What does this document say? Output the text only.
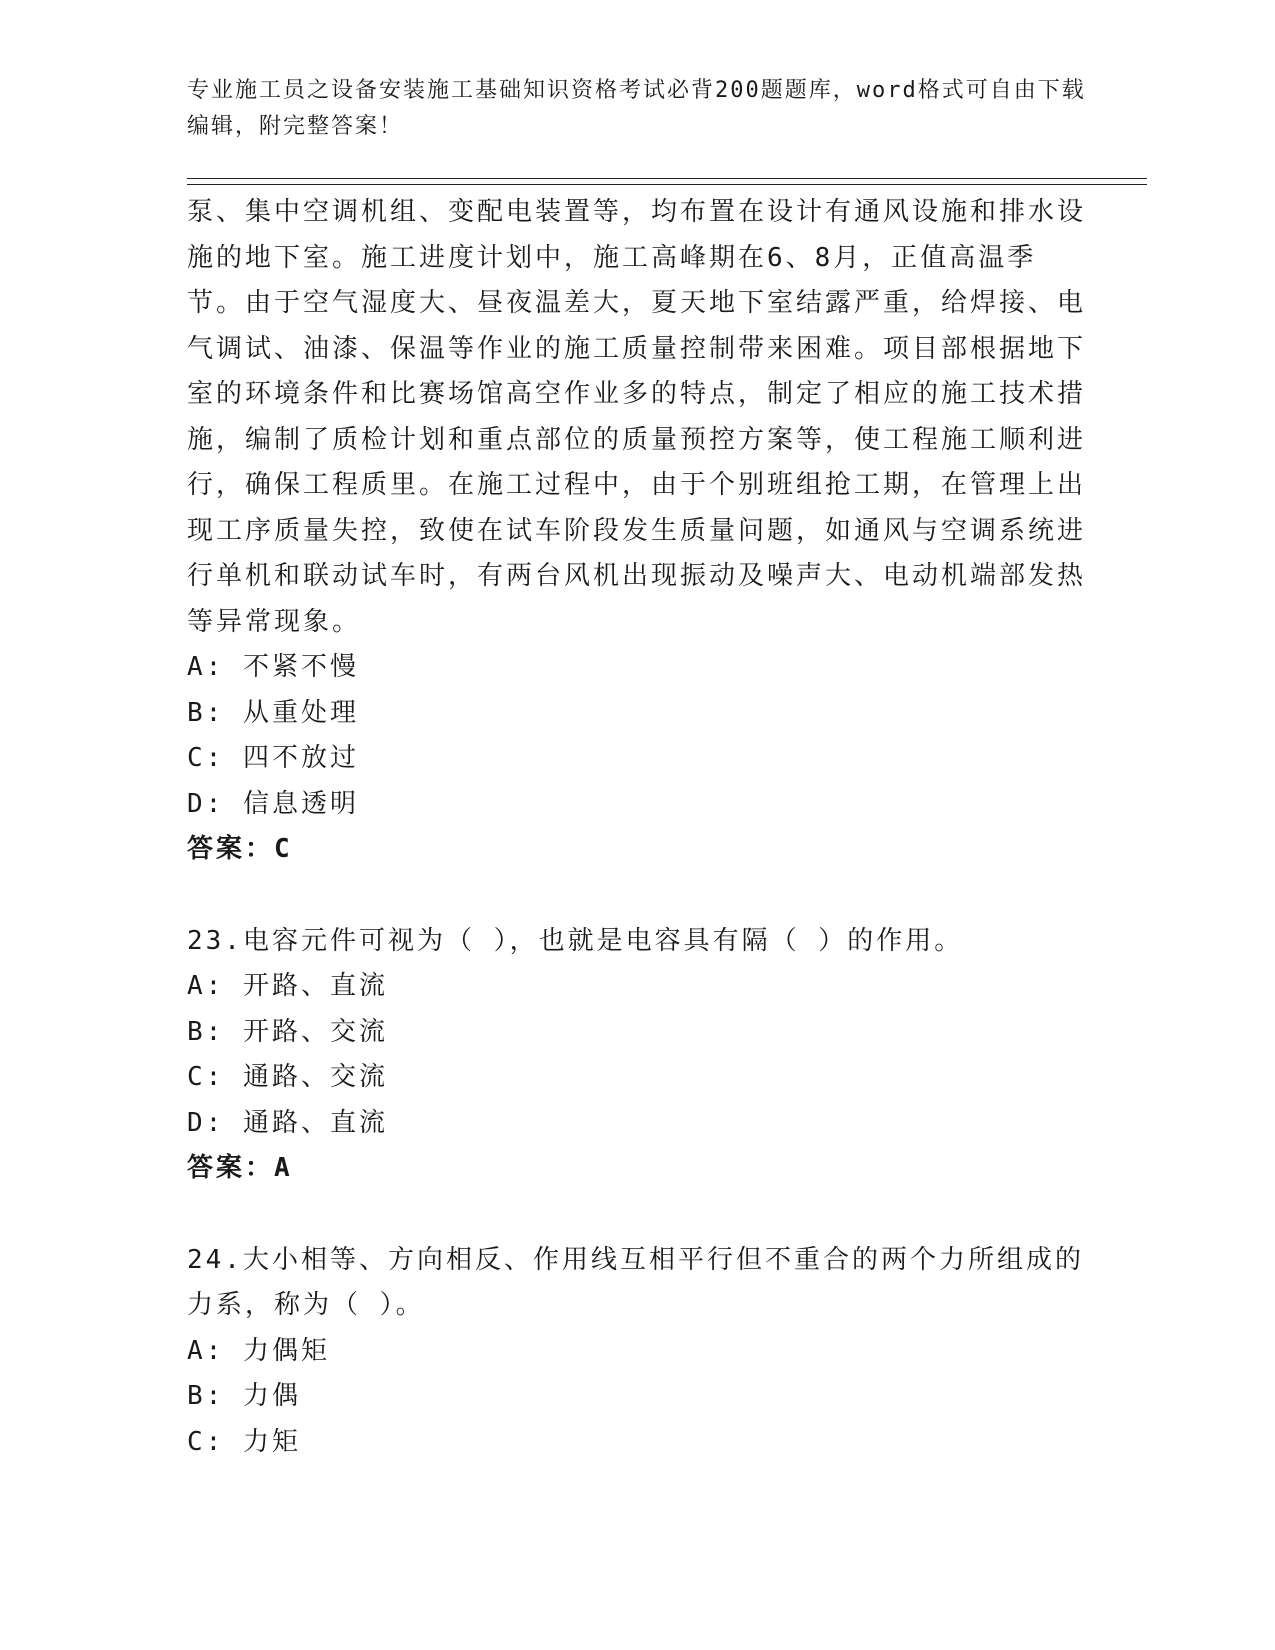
专业施工员之设备安装施工基础知识资格考试必背200题题库，word格式可自由下载编辑，附完整答案！

泵、集中空调机组、变配电装置等，均布置在设计有通风设施和排水设施的地下室。施工进度计划中，施工高峰期在6、8月，正值高温季节。由于空气湿度大、昼夜温差大，夏天地下室结露严重，给焊接、电气调试、油漆、保温等作业的施工质量控制带来困难。项目部根据地下室的环境条件和比赛场馆高空作业多的特点，制定了相应的施工技术措施，编制了质检计划和重点部位的质量预控方案等，使工程施工顺利进行，确保工程质里。在施工过程中，由于个别班组抢工期，在管理上出现工序质量失控，致使在试车阶段发生质量问题，如通风与空调系统进行单机和联动试车时，有两台风机出现振动及噪声大、电动机端部发热等异常现象。

A: 不紧不慢

B: 从重处理

C: 四不放过

D: 信息透明

答案：C

23.电容元件可视为（ ），也就是电容具有隔（ ）的作用。

A: 开路、直流

B: 开路、交流

C: 通路、交流

D: 通路、直流

答案：A

24.大小相等、方向相反、作用线互相平行但不重合的两个力所组成的力系，称为（ ）。

A: 力偶矩

B: 力偶

C: 力矩
